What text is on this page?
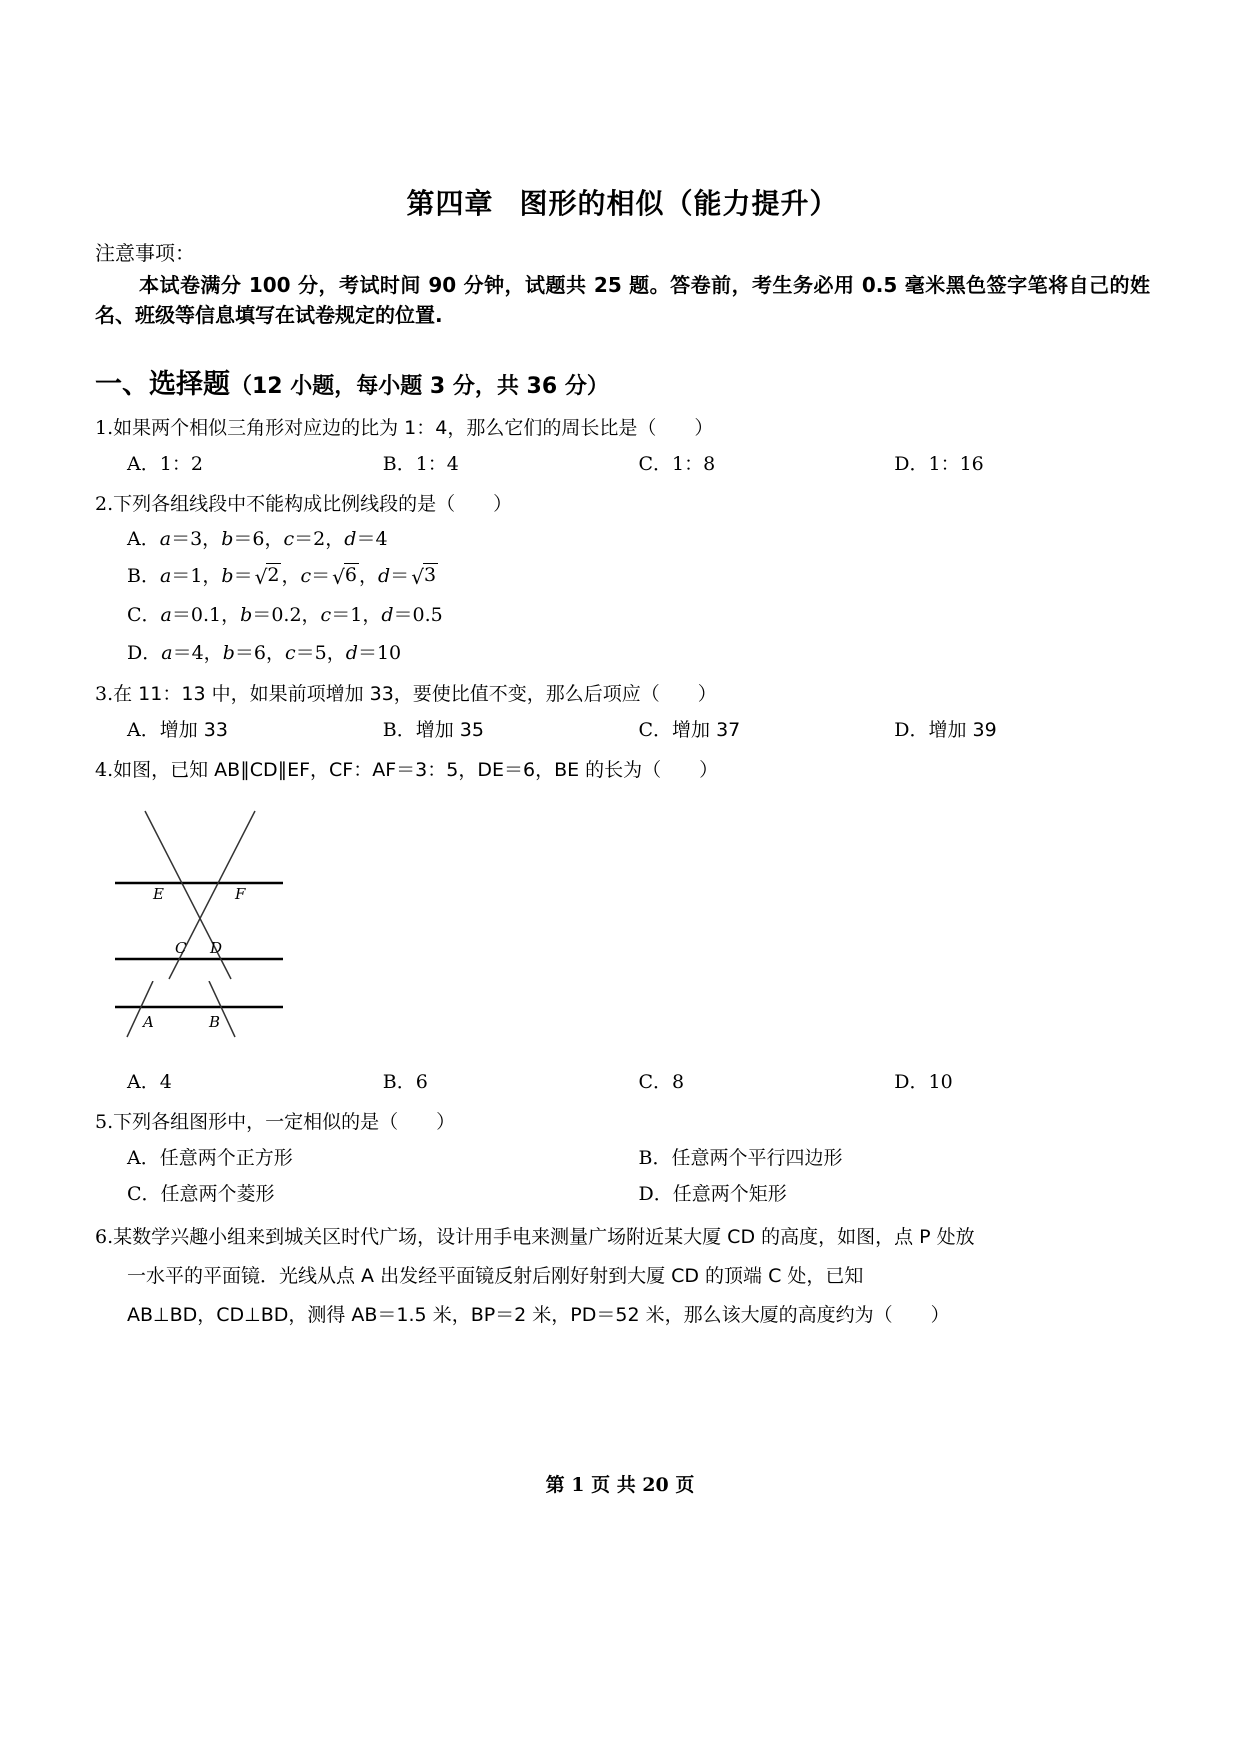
第四章 图形的相似（能力提升）

注意事项：

本试卷满分 100 分，考试时间 90 分钟，试题共 25 题。答卷前，考生务必用 0.5 毫米黑色签字笔将自己的姓名、班级等信息填写在试卷规定的位置.

一、选择题（12 小题，每小题 3 分，共 36 分）
1.如果两个相似三角形对应边的比为 1：4，那么它们的周长比是（　　）
A．1：2	B．1：4	C．1：8	D．1：16
2.下列各组线段中不能构成比例线段的是（　　）
A．a＝3，b＝6，c＝2，d＝4
B．a＝1，b＝ √2 ，c＝ √6 ，d＝ √3
C．a＝0.1，b＝0.2，c＝1，d＝0.5
D．a＝4，b＝6，c＝5，d＝10
3.在 11：13 中，如果前项增加 33，要使比值不变，那么后项应（　　）
A．增加 33	B．增加 35	C．增加 37	D．增加 39
4.如图，已知 AB∥CD∥EF，CF：AF＝3：5，DE＝6，BE 的长为（　　）
E	F
C D
A	B
A．4	B．6	C．8	D．10
5.下列各组图形中，一定相似的是（　　）
A．任意两个正方形	B．任意两个平行四边形
C．任意两个菱形	D．任意两个矩形
6.某数学兴趣小组来到城关区时代广场，设计用手电来测量广场附近某大厦 CD 的高度，如图，点 P 处放
一水平的平面镜．光线从点 A 出发经平面镜反射后刚好射到大厦 CD 的顶端 C 处，已知
AB⊥BD，CD⊥BD，测得 AB＝1.5 米，BP＝2 米，PD＝52 米，那么该大厦的高度约为（　　）
第 1 页 共 20 页
